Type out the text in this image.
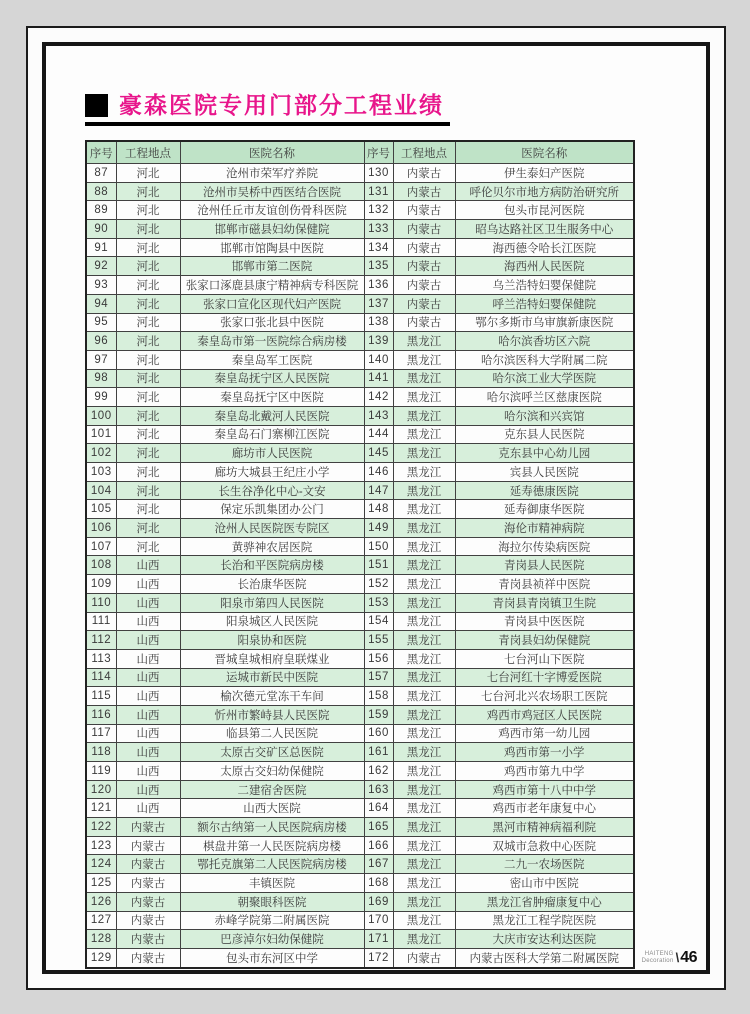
豪森医院专用门部分工程业绩
序号	工程地点	医院名称	序号	工程地点	医院名称
87	河北	沧州市荣军疗养院	130	内蒙古	伊生泰妇产医院
88	河北	沧州市吴桥中西医结合医院	131	内蒙古	呼伦贝尔市地方病防治研究所
89	河北	沧州任丘市友谊创伤骨科医院	132	内蒙古	包头市昆河医院
90	河北	邯郸市磁县妇幼保健院	133	内蒙古	昭乌达路社区卫生服务中心
91	河北	邯郸市馆陶县中医院	134	内蒙古	海西德令哈长江医院
92	河北	邯郸市第二医院	135	内蒙古	海西州人民医院
93	河北	张家口涿鹿县康宁精神病专科医院	136	内蒙古	乌兰浩特妇婴保健院
94	河北	张家口宣化区现代妇产医院	137	内蒙古	呼兰浩特妇婴保健院
95	河北	张家口张北县中医院	138	内蒙古	鄂尔多斯市乌审旗新康医院
96	河北	秦皇岛市第一医院综合病房楼	139	黑龙江	哈尔滨香坊区六院
97	河北	秦皇岛军工医院	140	黑龙江	哈尔滨医科大学附属二院
98	河北	秦皇岛抚宁区人民医院	141	黑龙江	哈尔滨工业大学医院
99	河北	秦皇岛抚宁区中医院	142	黑龙江	哈尔滨呼兰区慈康医院
100	河北	秦皇岛北戴河人民医院	143	黑龙江	哈尔滨和兴宾馆
101	河北	秦皇岛石门寨柳江医院	144	黑龙江	克东县人民医院
102	河北	廊坊市人民医院	145	黑龙江	克东县中心幼儿园
103	河北	廊坊大城县王纪庄小学	146	黑龙江	宾县人民医院
104	河北	长生谷净化中心-文安	147	黑龙江	延寿德康医院
105	河北	保定乐凯集团办公门	148	黑龙江	延寿御康华医院
106	河北	沧州人民医院医专院区	149	黑龙江	海伦市精神病院
107	河北	黄骅神农居医院	150	黑龙江	海拉尔传染病医院
108	山西	长治和平医院病房楼	151	黑龙江	青岗县人民医院
109	山西	长治康华医院	152	黑龙江	青岗县祯祥中医院
110	山西	阳泉市第四人民医院	153	黑龙江	青岗县青岗镇卫生院
111	山西	阳泉城区人民医院	154	黑龙江	青岗县中医医院
112	山西	阳泉协和医院	155	黑龙江	青岗县妇幼保健院
113	山西	晋城皇城相府皇联煤业	156	黑龙江	七台河山下医院
114	山西	运城市新民中医院	157	黑龙江	七台河红十字博爱医院
115	山西	榆次德元堂冻干车间	158	黑龙江	七台河北兴农场职工医院
116	山西	忻州市繁峙县人民医院	159	黑龙江	鸡西市鸡冠区人民医院
117	山西	临县第二人民医院	160	黑龙江	鸡西市第一幼儿园
118	山西	太原古交矿区总医院	161	黑龙江	鸡西市第一小学
119	山西	太原古交妇幼保健院	162	黑龙江	鸡西市第九中学
120	山西	二建宿舍医院	163	黑龙江	鸡西市第十八中中学
121	山西	山西大医院	164	黑龙江	鸡西市老年康复中心
122	内蒙古	额尔古纳第一人民医院病房楼	165	黑龙江	黑河市精神病福利院
123	内蒙古	棋盘井第一人民医院病房楼	166	黑龙江	双城市急救中心医院
124	内蒙古	鄂托克旗第二人民医院病房楼	167	黑龙江	二九一农场医院
125	内蒙古	丰镇医院	168	黑龙江	密山市中医院
126	内蒙古	朝聚眼科医院	169	黑龙江	黑龙江省肿瘤康复中心
127	内蒙古	赤峰学院第二附属医院	170	黑龙江	黑龙江工程学院医院
128	内蒙古	巴彦淖尔妇幼保健院	171	黑龙江	大庆市安达利达医院
129	内蒙古	包头市东河区中学	172	内蒙古	内蒙古医科大学第二附属医院	HAITENG
Decoration \ 46
